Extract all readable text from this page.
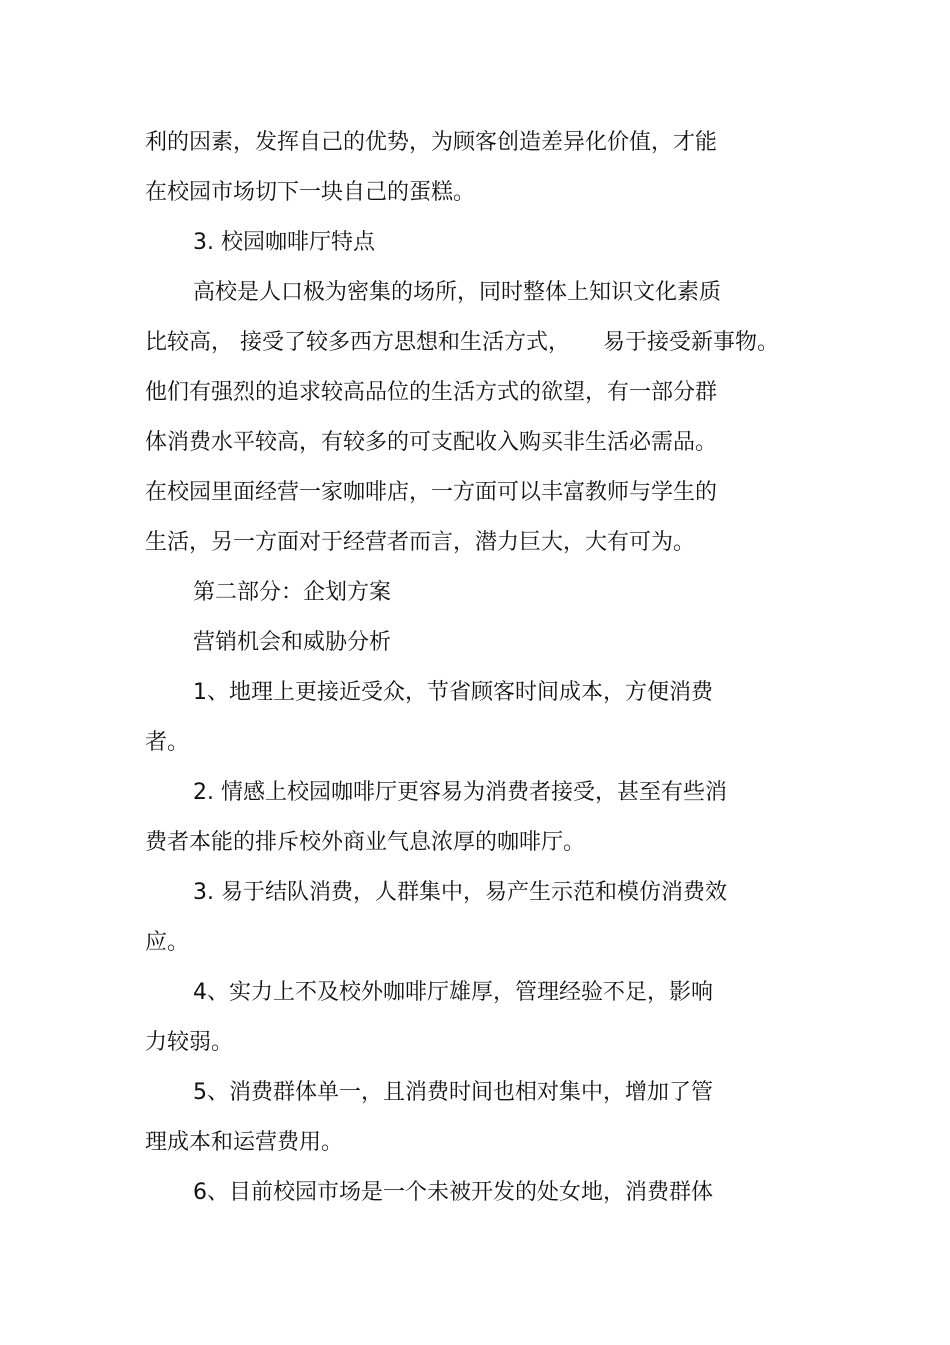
利的因素，发挥自己的优势，为顾客创造差异化价值，才能
在校园市场切下一块自己的蛋糕。
3. 校园咖啡厅特点
高校是人口极为密集的场所，同时整体上知识文化素质
比较高， 接受了较多西方思想和生活方式，　　易于接受新事物。
他们有强烈的追求较高品位的生活方式的欲望，有一部分群
体消费水平较高，有较多的可支配收入购买非生活必需品。
在校园里面经营一家咖啡店，一方面可以丰富教师与学生的
生活，另一方面对于经营者而言，潜力巨大，大有可为。
第二部分：企划方案
营销机会和威胁分析
1、地理上更接近受众，节省顾客时间成本，方便消费
者。
2. 情感上校园咖啡厅更容易为消费者接受，甚至有些消
费者本能的排斥校外商业气息浓厚的咖啡厅。
3. 易于结队消费，人群集中，易产生示范和模仿消费效
应。
4、实力上不及校外咖啡厅雄厚，管理经验不足，影响
力较弱。
5、消费群体单一，且消费时间也相对集中，增加了管
理成本和运营费用。
6、目前校园市场是一个未被开发的处女地，消费群体
